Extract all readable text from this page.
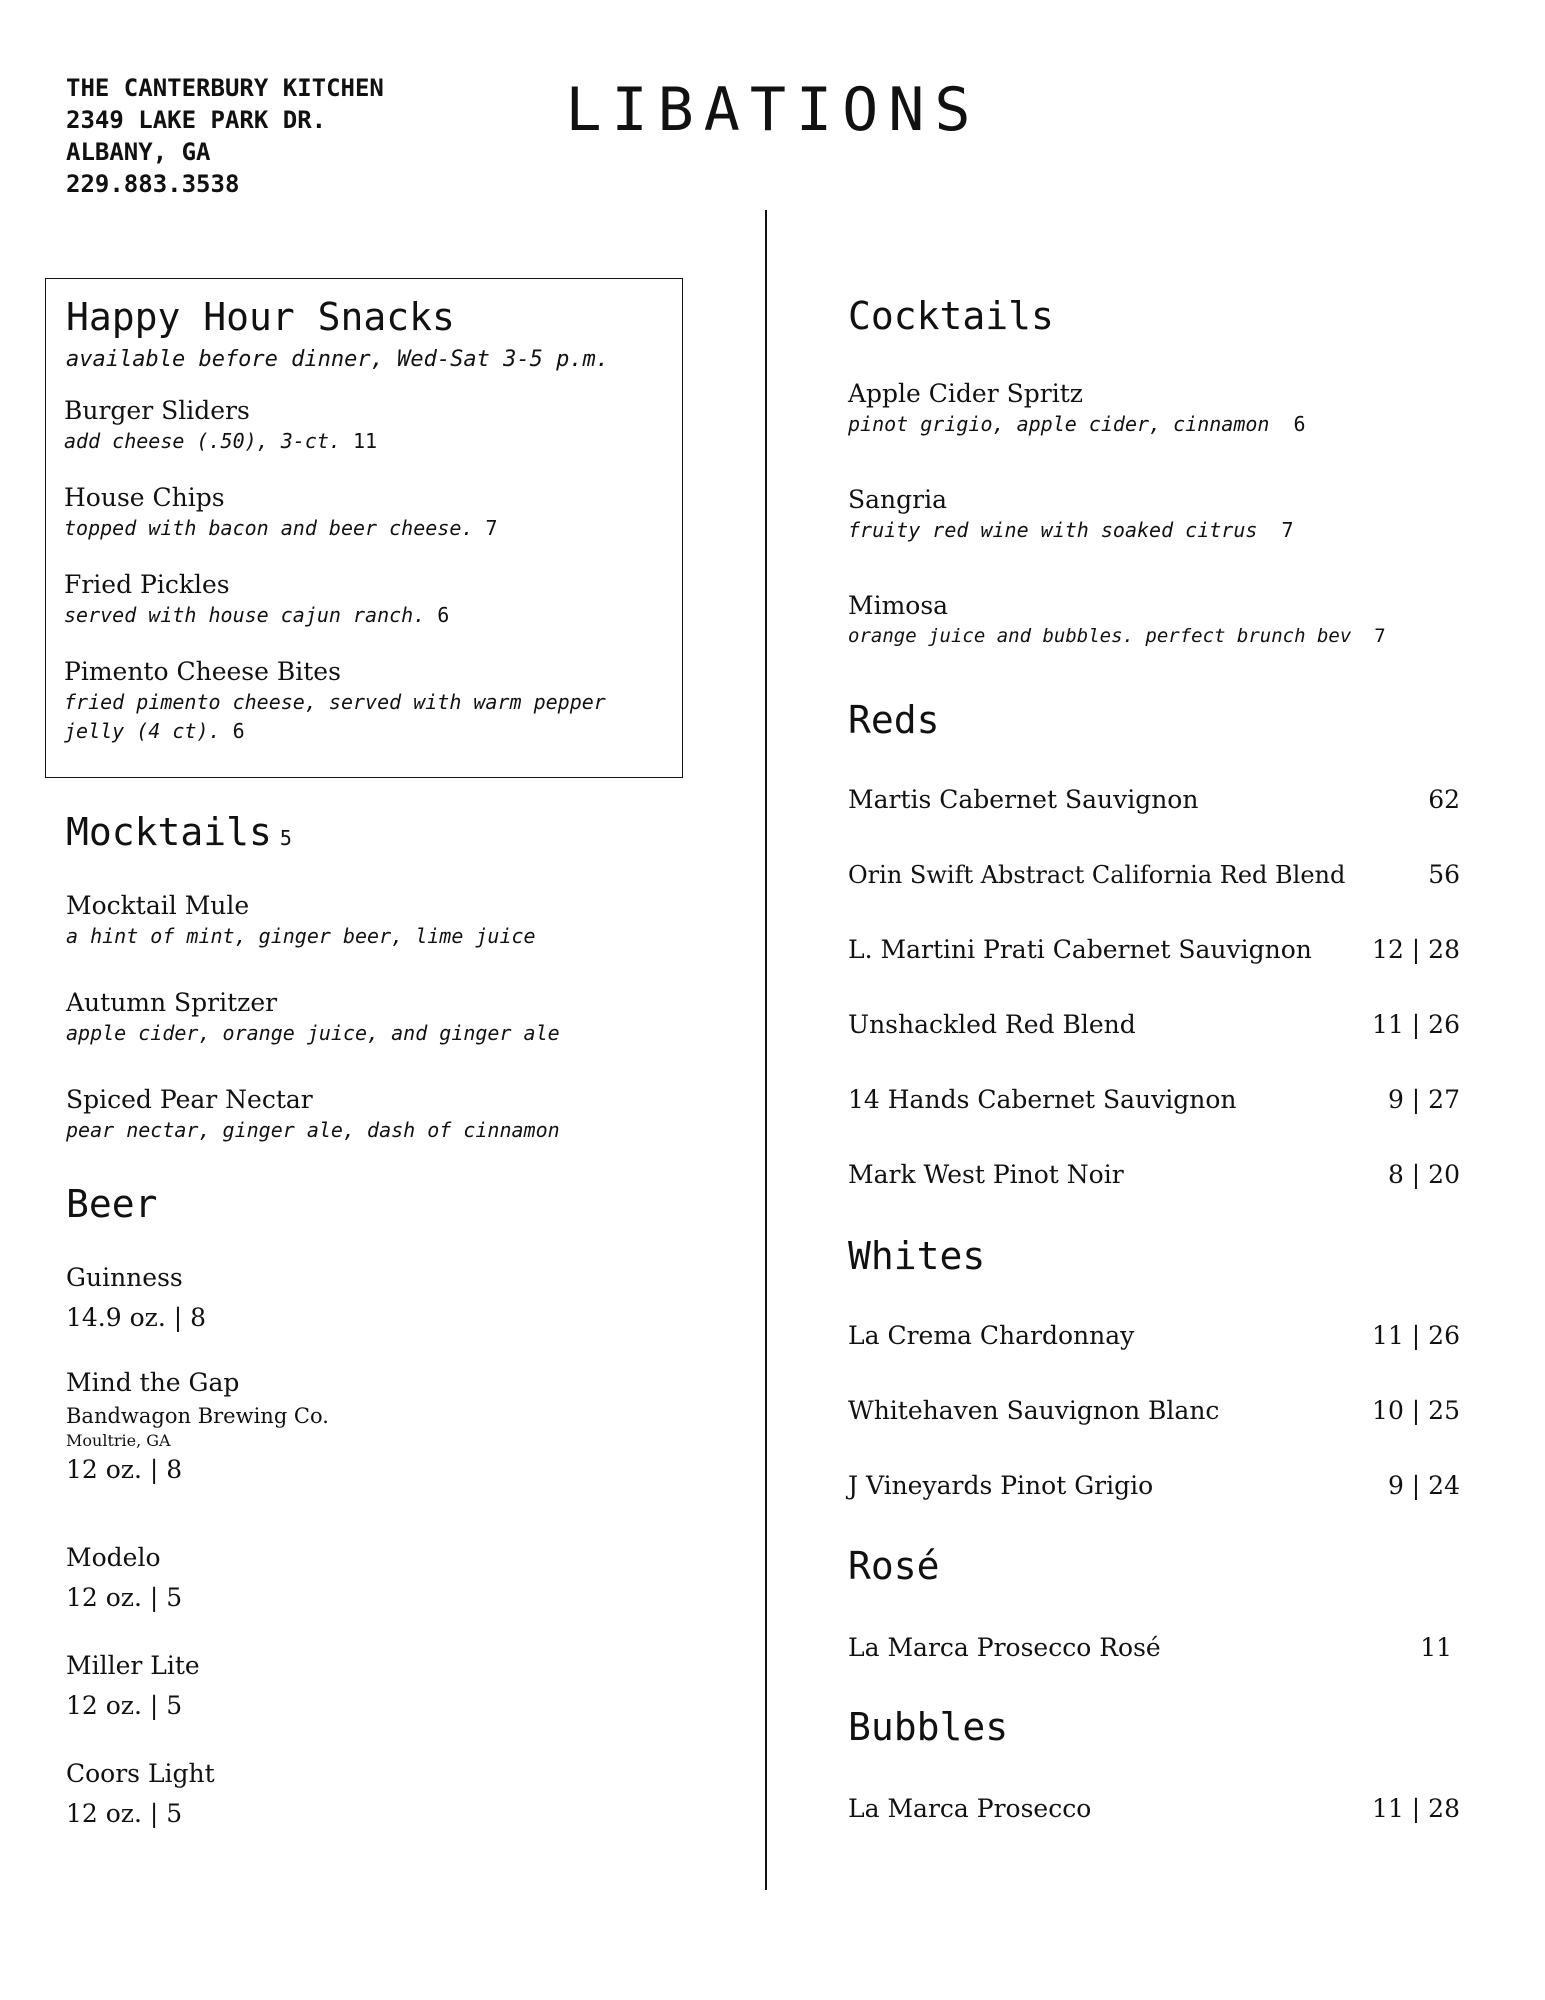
THE CANTERBURY KITCHEN
2349 LAKE PARK DR.
ALBANY, GA
229.883.3538
LIBATIONS
Happy Hour Snacks
available before dinner, Wed-Sat 3-5 p.m.
Burger Sliders
add cheese (.50), 3-ct. 11
House Chips
topped with bacon and beer cheese. 7
Fried Pickles
served with house cajun ranch. 6
Pimento Cheese Bites
fried pimento cheese, served with warm pepper
jelly (4 ct). 6
Mocktails 5
Mocktail Mule
a hint of mint, ginger beer, lime juice
Autumn Spritzer
apple cider, orange juice, and ginger ale
Spiced Pear Nectar
pear nectar, ginger ale, dash of cinnamon
Beer
Guinness
14.9 oz. | 8
Mind the Gap
Bandwagon Brewing Co.
Moultrie, GA
12 oz. | 8
Modelo
12 oz. | 5
Miller Lite
12 oz. | 5
Coors Light
12 oz. | 5
Cocktails
Apple Cider Spritz
pinot grigio, apple cider, cinnamon 6
Sangria
fruity red wine with soaked citrus 7
Mimosa
orange juice and bubbles. perfect brunch bev 7
Reds
Martis Cabernet Sauvignon	62
Orin Swift Abstract California Red Blend	56
L. Martini Prati Cabernet Sauvignon 12 | 28
Unshackled Red Blend	11 | 26
14 Hands Cabernet Sauvignon	9 | 27
Mark West Pinot Noir	8 | 20
Whites
La Crema Chardonnay	11 | 26
Whitehaven Sauvignon Blanc	10 | 25
J Vineyards Pinot Grigio	9 | 24
Rosé
La Marca Prosecco Rosé	11
Bubbles
La Marca Prosecco	11 | 28
